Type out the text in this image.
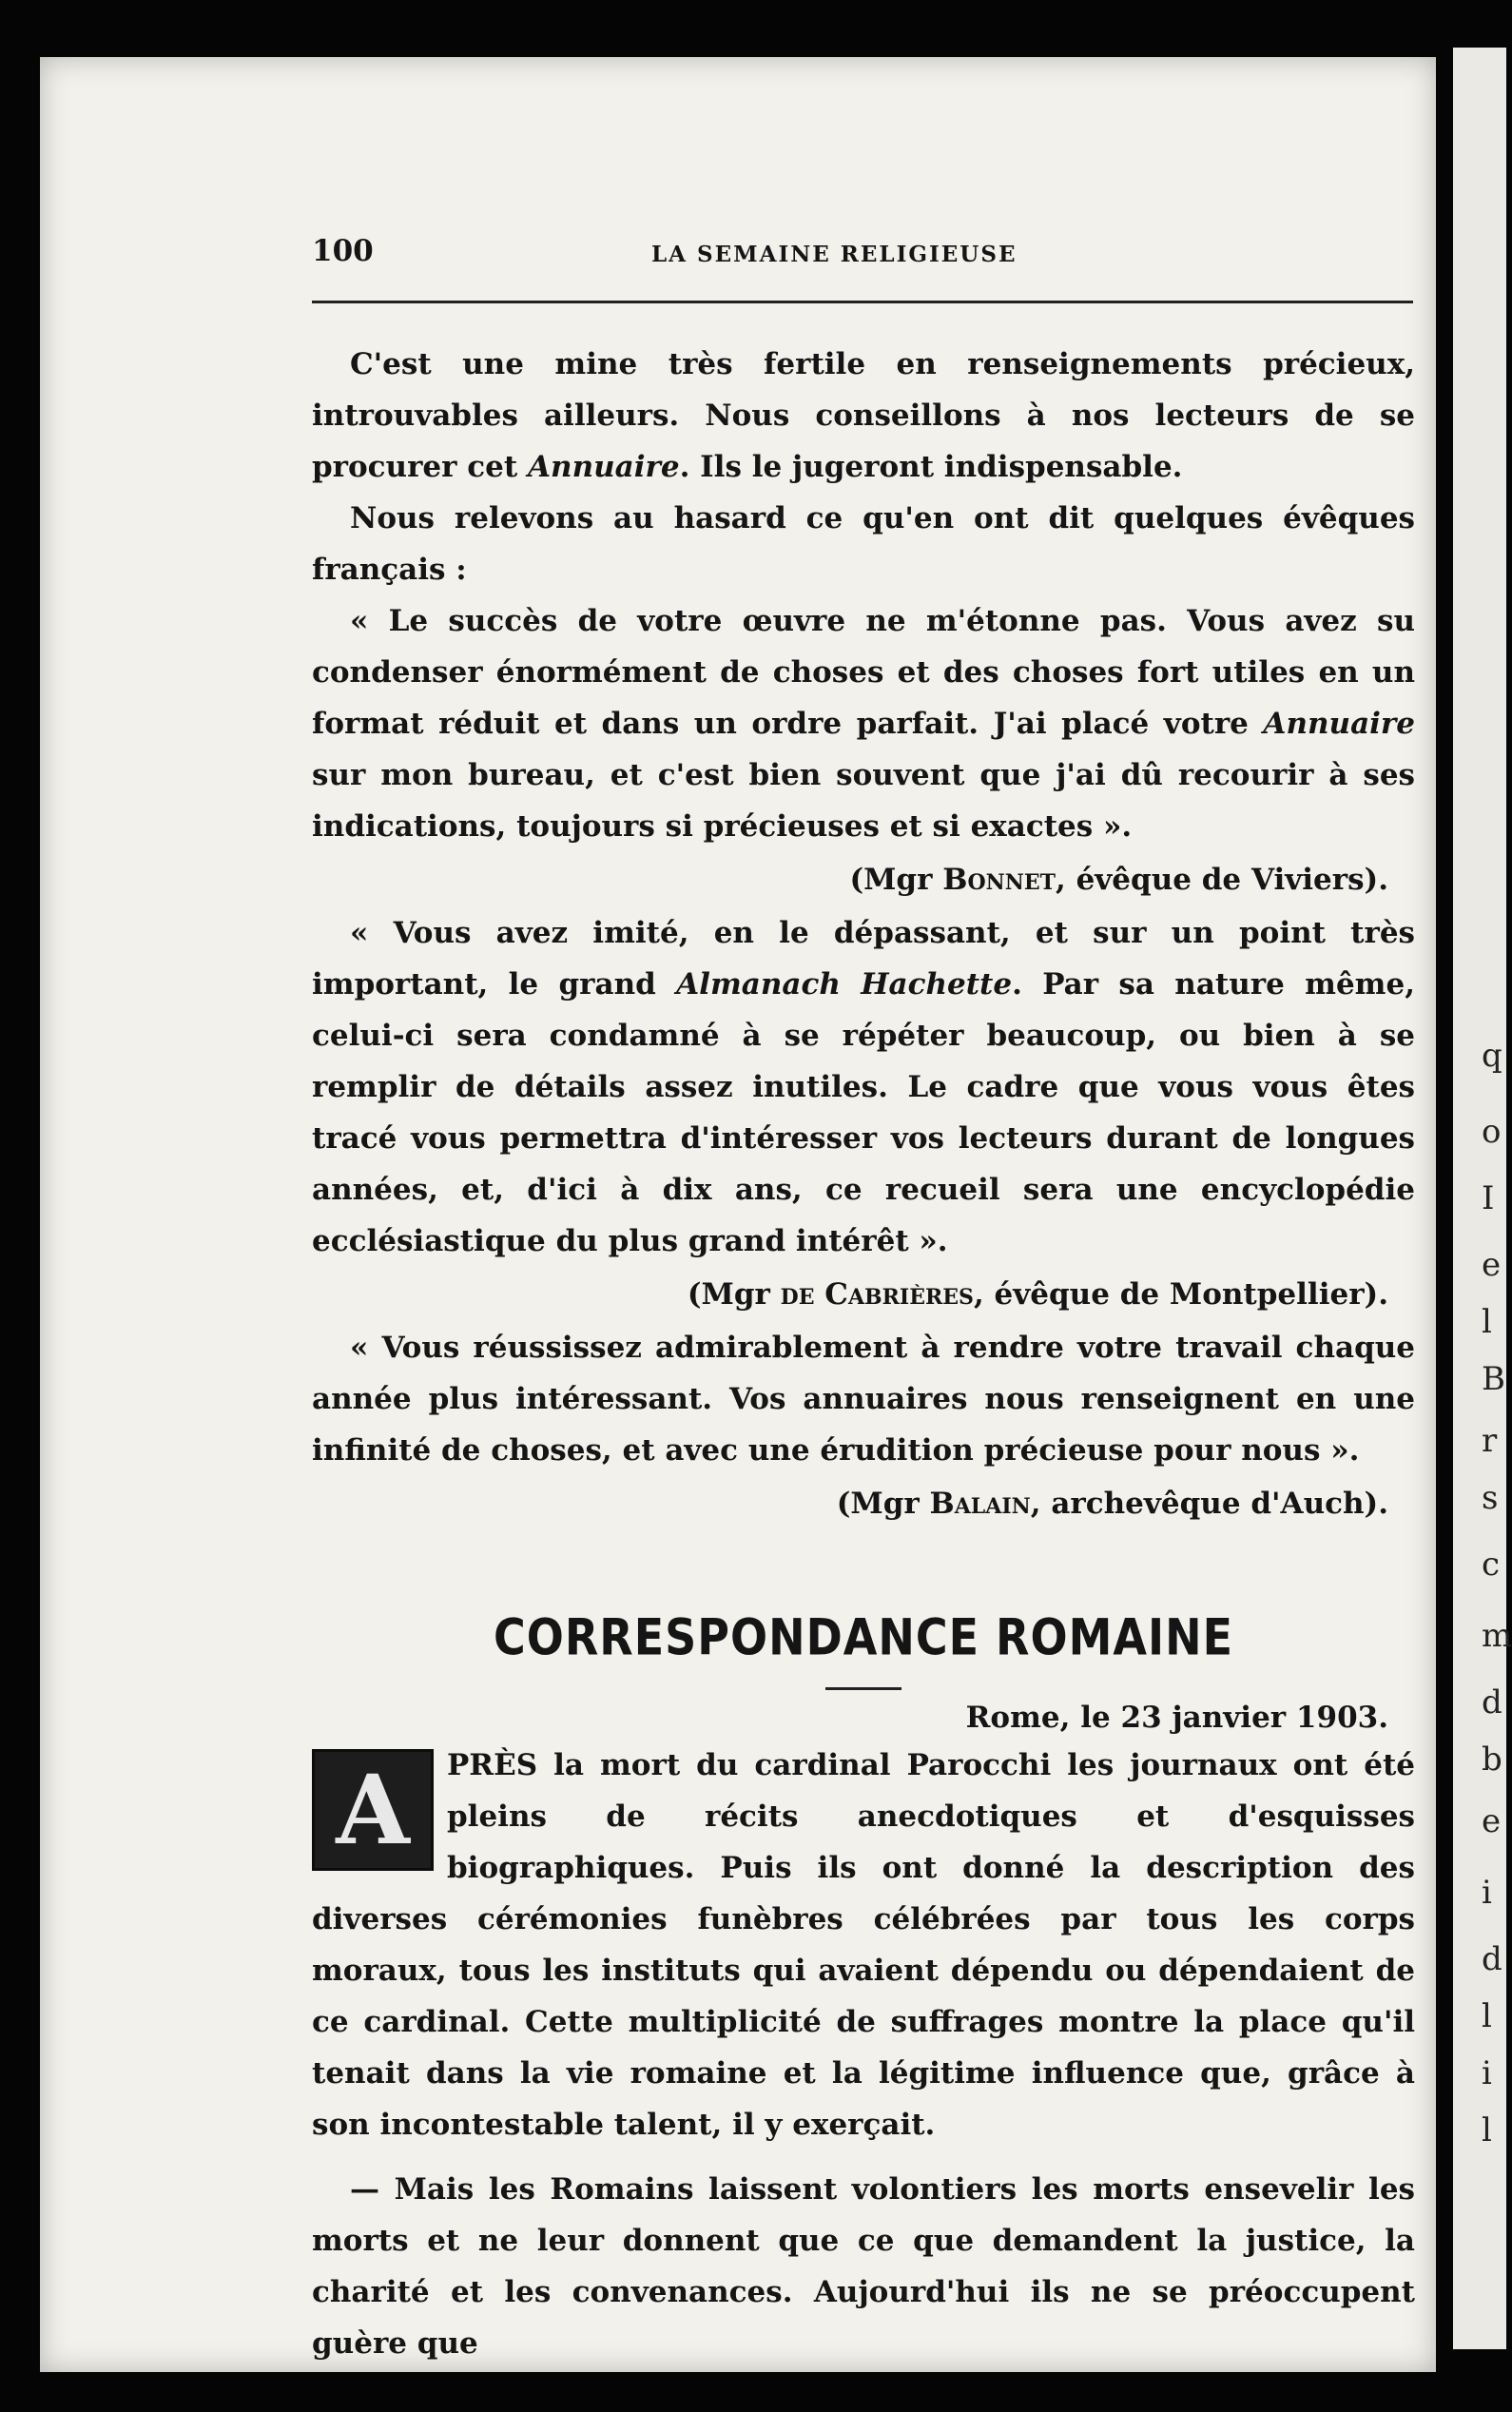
100	LA SEMAINE RELIGIEUSE

C'est une mine très fertile en renseignements précieux, introuvables ailleurs. Nous conseillons à nos lecteurs de se procurer cet Annuaire. Ils le jugeront indispensable.

Nous relevons au hasard ce qu'en ont dit quelques évêques français :

« Le succès de votre œuvre ne m'étonne pas. Vous avez su condenser énormément de choses et des choses fort utiles en un format réduit et dans un ordre parfait. J'ai placé votre Annuaire sur mon bureau, et c'est bien souvent que j'ai dû recourir à ses indications, toujours si précieuses et si exactes ».

(Mgr Bonnet, évêque de Viviers).

« Vous avez imité, en le dépassant, et sur un point très important, le grand Almanach Hachette. Par sa nature même, celui-ci sera condamné à se répéter beaucoup, ou bien à se remplir de détails assez inutiles. Le cadre que vous vous êtes tracé vous permettra d'intéresser vos lecteurs durant de longues années, et, d'ici à dix ans, ce recueil sera une encyclopédie ecclésiastique du plus grand intérêt ».

(Mgr de Cabrières, évêque de Montpellier).

« Vous réussissez admirablement à rendre votre travail chaque année plus intéressant. Vos annuaires nous renseignent en une infinité de choses, et avec une érudition précieuse pour nous ».

(Mgr Balain, archevêque d'Auch).
CORRESPONDANCE ROMAINE
Rome, le 23 janvier 1903.
A	PRÈS la mort du cardinal Parocchi les journaux ont été pleins de récits anecdotiques et d'esquisses biographiques. Puis ils ont donné la description des diverses cérémonies funèbres célébrées par tous les corps moraux, tous les instituts qui avaient dépendu ou dépendaient de ce cardinal. Cette multiplicité de suffrages montre la place qu'il tenait dans la vie romaine et la légitime influence que, grâce à son incontestable talent, il y exerçait.

— Mais les Romains laissent volontiers les morts ensevelir les morts et ne leur donnent que ce que demandent la justice, la charité et les convenances. Aujourd'hui ils ne se préoccupent guère que

q
o
I
e
l
B
r
s
c
m
d
b
e
i
d
l
i
l
